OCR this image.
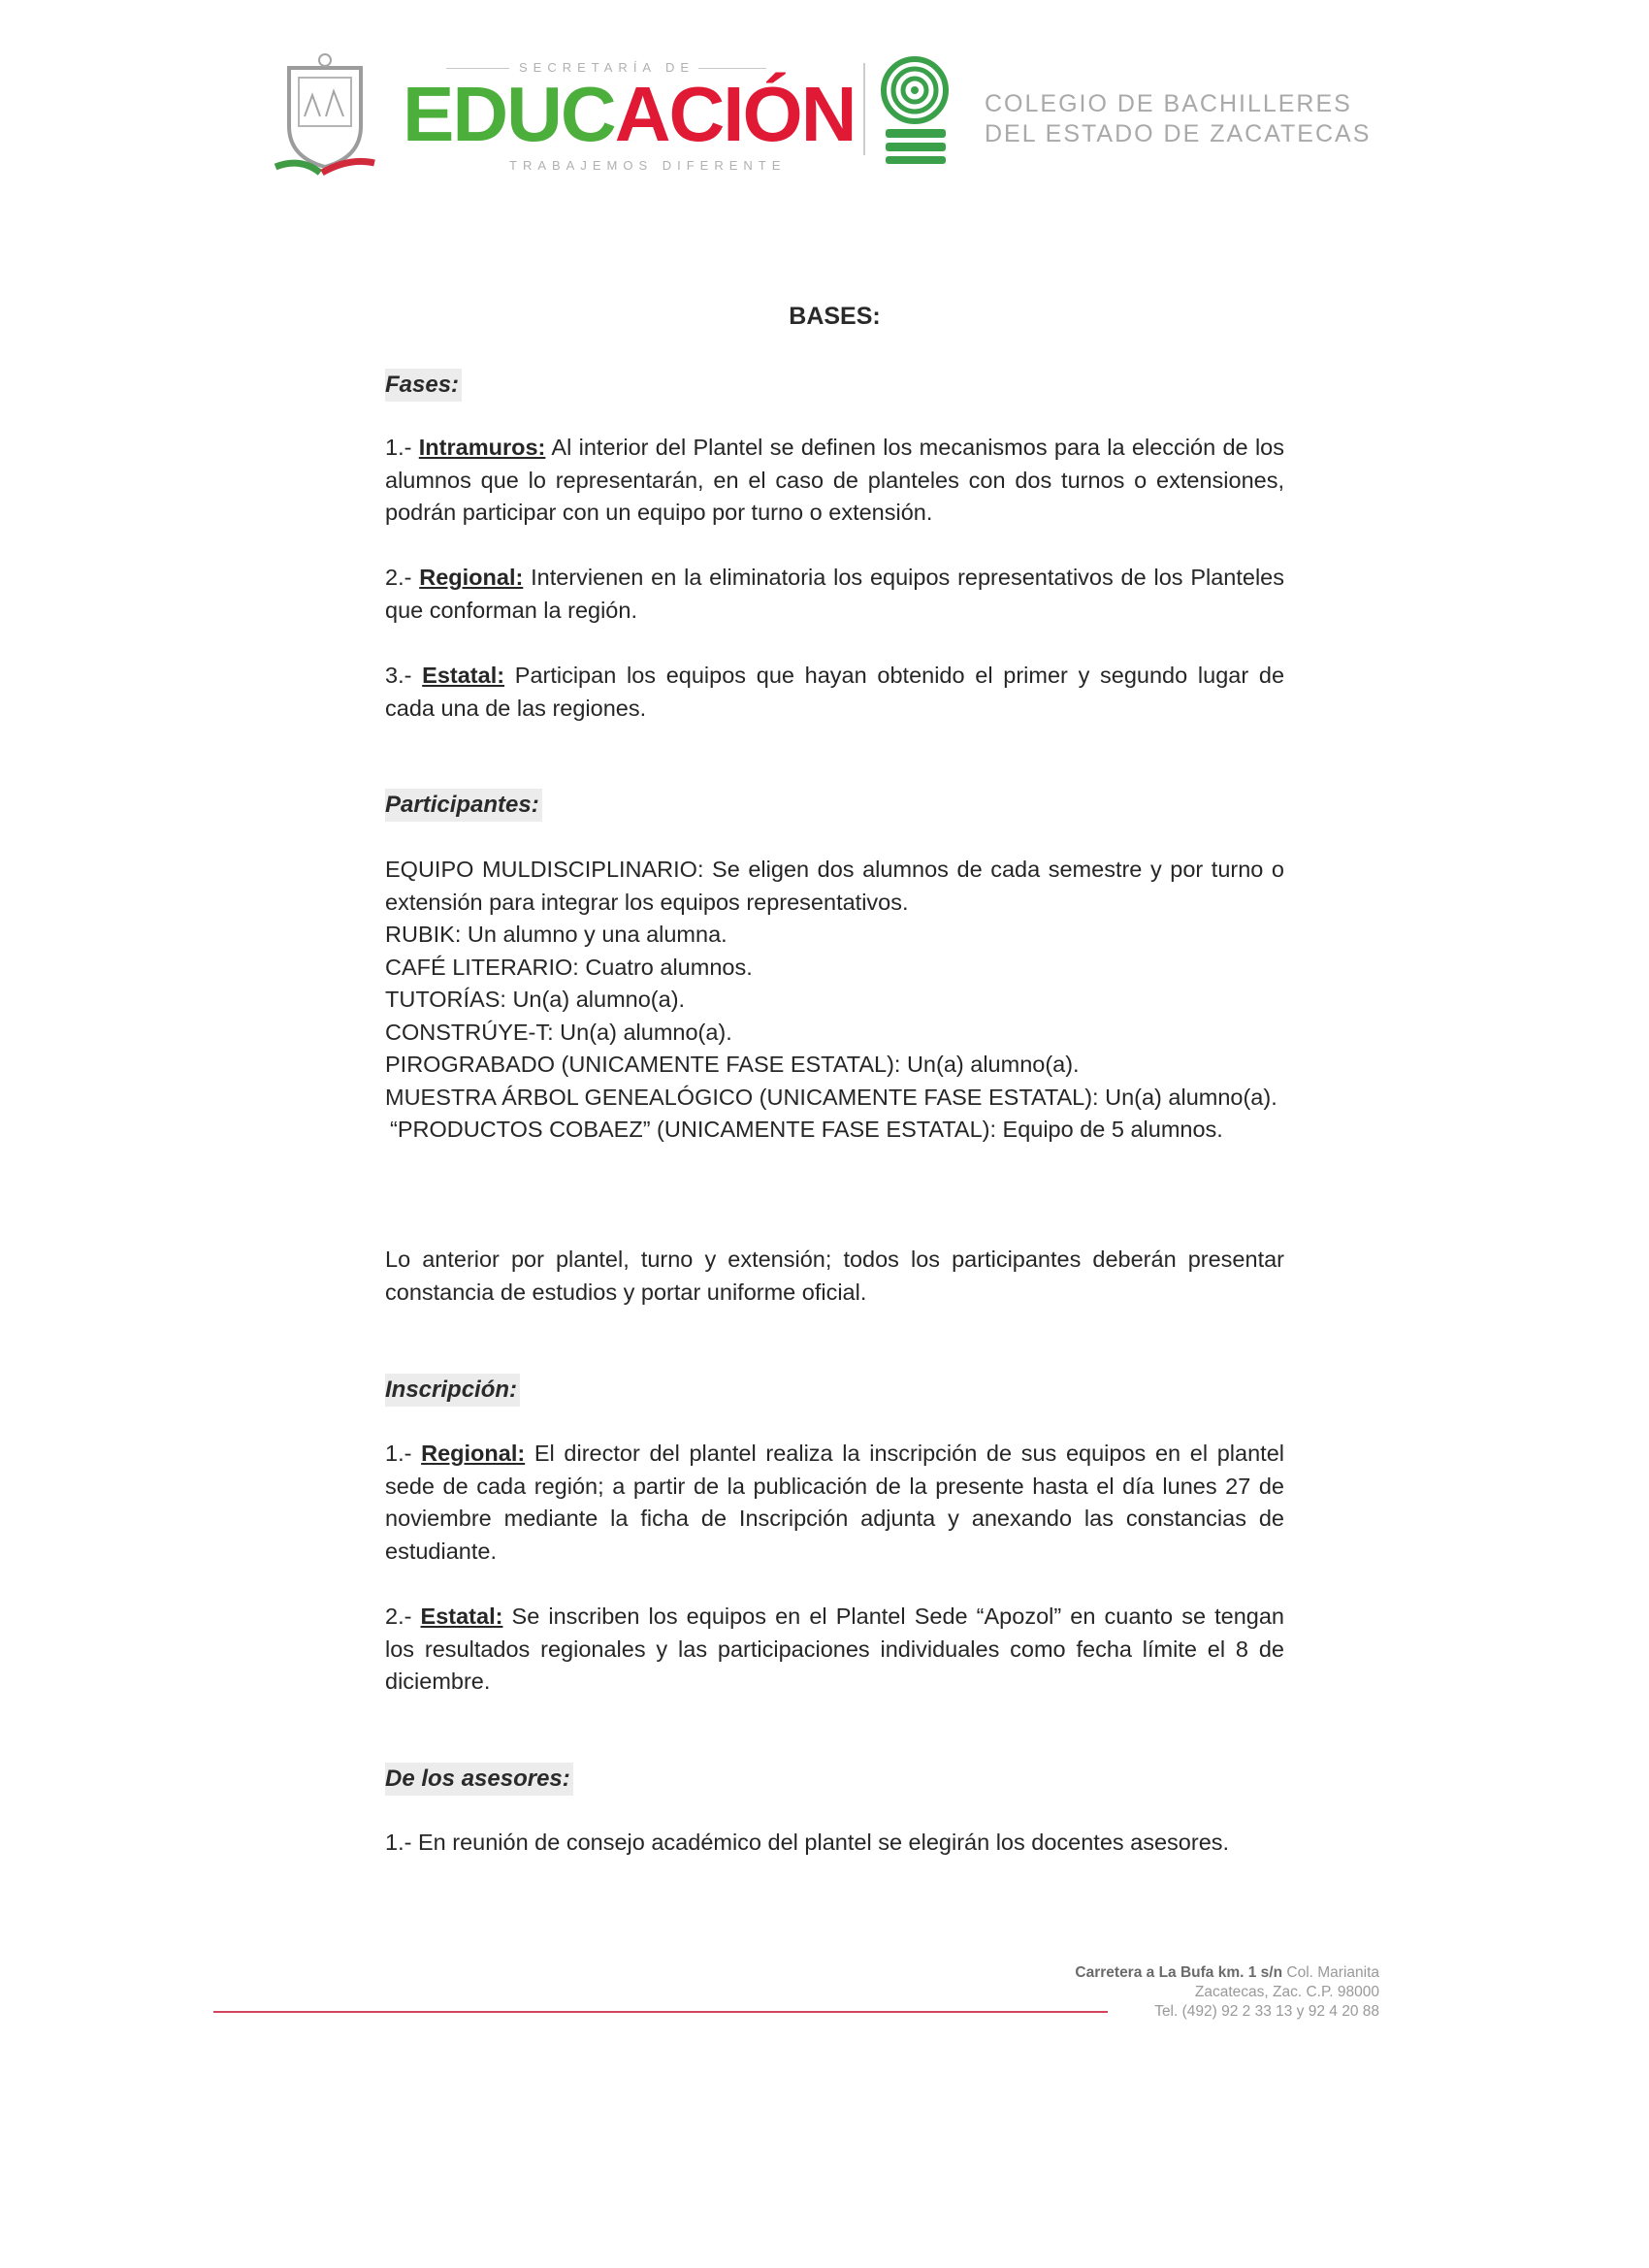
SECRETARÍA DE
EDUCACIÓN
TRABAJEMOS DIFERENTE
COLEGIO DE BACHILLERES
DEL ESTADO DE ZACATECAS
BASES:
Fases:

1.- Intramuros: Al interior del Plantel se definen los mecanismos para la elección de los alumnos que lo representarán, en el caso de planteles con dos turnos o extensiones, podrán participar con un equipo por turno o extensión.

2.- Regional: Intervienen en la eliminatoria los equipos representativos de los Planteles que conforman la región.

3.- Estatal: Participan los equipos que hayan obtenido el primer y segundo lugar de cada una de las regiones.

Participantes:

EQUIPO MULDISCIPLINARIO: Se eligen dos alumnos de cada semestre y por turno o extensión para integrar los equipos representativos.

RUBIK: Un alumno y una alumna.

CAFÉ LITERARIO: Cuatro alumnos.

TUTORÍAS: Un(a) alumno(a).

CONSTRÚYE-T: Un(a) alumno(a).

PIROGRABADO (UNICAMENTE FASE ESTATAL): Un(a) alumno(a).

MUESTRA ÁRBOL GENEALÓGICO (UNICAMENTE FASE ESTATAL): Un(a) alumno(a).

“PRODUCTOS COBAEZ” (UNICAMENTE FASE ESTATAL): Equipo de 5 alumnos.

Lo anterior por plantel, turno y extensión; todos los participantes deberán presentar constancia de estudios y portar uniforme oficial.

Inscripción:

1.- Regional: El director del plantel realiza la inscripción de sus equipos en el plantel sede de cada región; a partir de la publicación de la presente hasta el día lunes 27 de noviembre mediante la ficha de Inscripción adjunta y anexando las constancias de estudiante.

2.- Estatal: Se inscriben los equipos en el Plantel Sede “Apozol” en cuanto se tengan los resultados regionales y las participaciones individuales como fecha límite el 8 de diciembre.

De los asesores:

1.- En reunión de consejo académico del plantel se elegirán los docentes asesores.

Carretera a La Bufa km. 1 s/n Col. Marianita
Zacatecas, Zac. C.P. 98000
Tel. (492) 92 2 33 13 y 92 4 20 88
